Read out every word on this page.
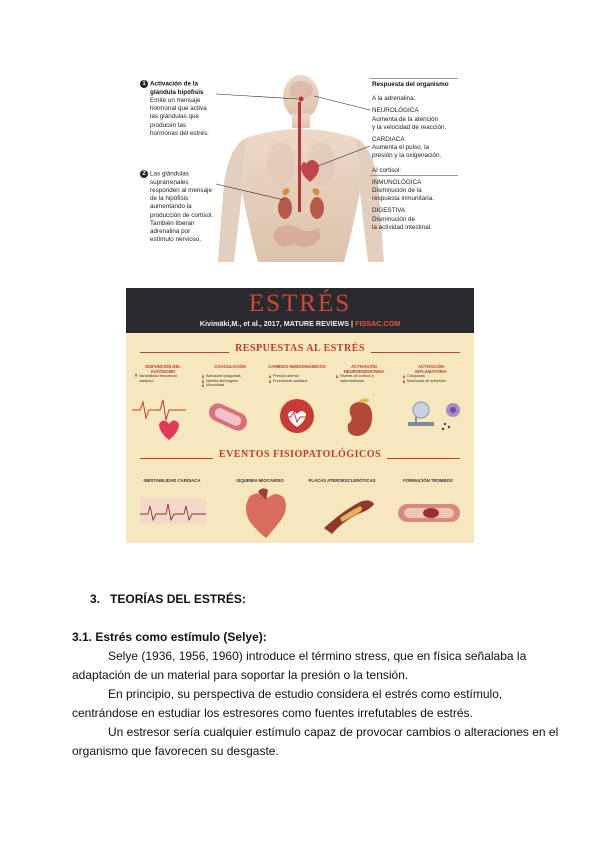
1 Activación de la
glándula hipófisis
Emite un mensaje
hormonal que activa
las glándulas que
producen las
hormonas del estrés.
2 Las glándulas
suprarrenales
responden al mensaje
de la hipófisis
aumentando la
producción de cortisol.
También liberan
adrenalina por
estímulo nervioso.
Respuesta del organismo
A la adrenalina:
NEUROLÓGICA
Aumenta de la atención
y la velocidad de reacción.
CARDIACA
Aumenta el pulso, la
presión y la oxigenación.
Al cortisol:
INMUNOLÓGICA
Disminución de la
respuesta inmunitaria.
DIGESTIVA
Disminución de
la actividad intestinal.
ESTRÉS
Kivimäki,M., et al., 2017, MATURE REVIEWS | FISSAC.COM
RESPUESTAS AL ESTRÉS
DISFUNCIÓN DEL AUTÓNOMO
Variabilidad frecuencia cardiaca
COAGULACIÓN
Activación plaquetas
Niveles fibrinógeno
Viscosidad
CAMBIOS HEMODINÁMICOS
Presión arterial
Frecuencia cardiaca
ACTIVACIÓN NEUROENDOCRINA
Niveles de cortisol y catecolaminas
ACTIVACIÓN INFLAMATORIA
Citoquinas
Moléculas de adhesión
EVENTOS FISIOPATOLÓGICOS
INESTABILIDAD CARDIACA	ISQUEMIA MIOCARDIO	PLACAS ATEROESCLERÓTICAS	FORMACIÓN TROMBOS
3. TEORÍAS DEL ESTRÉS:
3.1. Estrés como estímulo (Selye):
Selye (1936, 1956, 1960) introduce el término stress, que en física señalaba la
adaptación de un material para soportar la presión o la tensión.
En principio, su perspectiva de estudio considera el estrés como estímulo,
centrándose en estudiar los estresores como fuentes irrefutables de estrés.
Un estresor sería cualquier estímulo capaz de provocar cambios o alteraciones en el
organismo que favorecen su desgaste.
